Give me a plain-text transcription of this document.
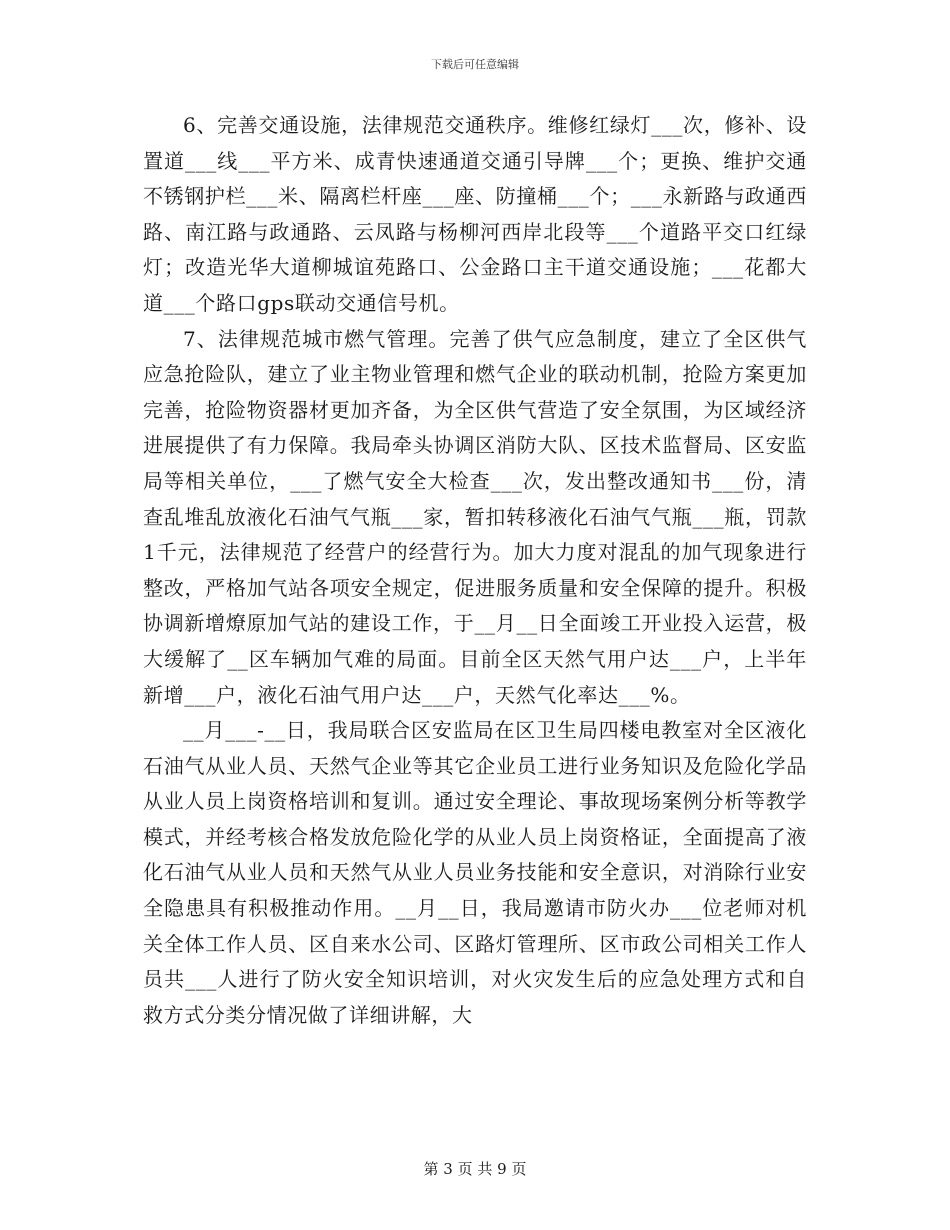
下载后可任意编辑

6、完善交通设施，法律规范交通秩序。维修红绿灯___次，修补、设置道___线___平方米、成青快速通道交通引导牌___个；更换、维护交通不锈钢护栏___米、隔离栏杆座___座、防撞桶___个；___永新路与政通西路、南江路与政通路、云凤路与杨柳河西岸北段等___个道路平交口红绿灯；改造光华大道柳城谊苑路口、公金路口主干道交通设施；___花都大道___个路口gps联动交通信号机。

7、法律规范城市燃气管理。完善了供气应急制度，建立了全区供气应急抢险队，建立了业主物业管理和燃气企业的联动机制，抢险方案更加完善，抢险物资器材更加齐备，为全区供气营造了安全氛围，为区域经济进展提供了有力保障。我局牵头协调区消防大队、区技术监督局、区安监局等相关单位，___了燃气安全大检查___次，发出整改通知书___份，清查乱堆乱放液化石油气气瓶___家，暂扣转移液化石油气气瓶___瓶，罚款1千元，法律规范了经营户的经营行为。加大力度对混乱的加气现象进行整改，严格加气站各项安全规定，促进服务质量和安全保障的提升。积极协调新增燎原加气站的建设工作，于__月__日全面竣工开业投入运营，极大缓解了__区车辆加气难的局面。目前全区天然气用户达___户，上半年新增___户，液化石油气用户达___户，天然气化率达___%。

__月___-__日，我局联合区安监局在区卫生局四楼电教室对全区液化石油气从业人员、天然气企业等其它企业员工进行业务知识及危险化学品从业人员上岗资格培训和复训。通过安全理论、事故现场案例分析等教学模式，并经考核合格发放危险化学的从业人员上岗资格证，全面提高了液化石油气从业人员和天然气从业人员业务技能和安全意识，对消除行业安全隐患具有积极推动作用。__月__日，我局邀请市防火办___位老师对机关全体工作人员、区自来水公司、区路灯管理所、区市政公司相关工作人员共___人进行了防火安全知识培训，对火灾发生后的应急处理方式和自救方式分类分情况做了详细讲解，大

第 3 页 共 9 页
